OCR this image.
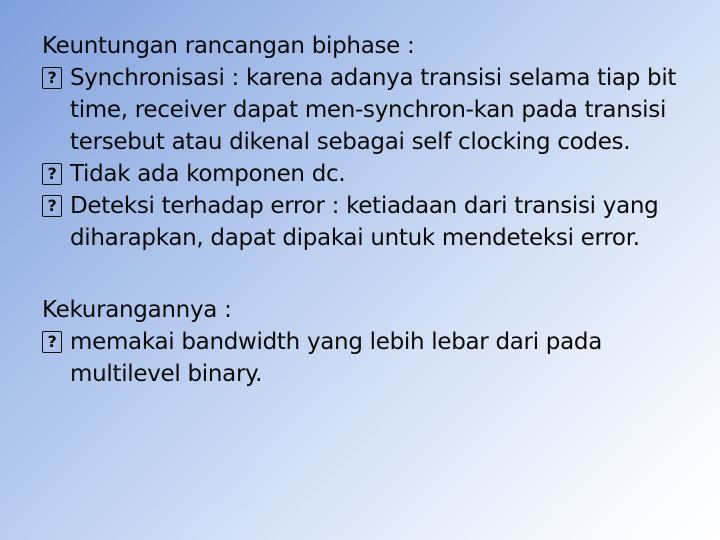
Keuntungan rancangan biphase :
? Synchronisasi : karena adanya transisi selama tiap bit time, receiver dapat men-synchron-kan pada transisi tersebut atau dikenal sebagai self clocking codes.
? Tidak ada komponen dc.
? Deteksi terhadap error : ketiadaan dari transisi yang diharapkan, dapat dipakai untuk mendeteksi error.
Kekurangannya :
? memakai bandwidth yang lebih lebar dari pada multilevel binary.
